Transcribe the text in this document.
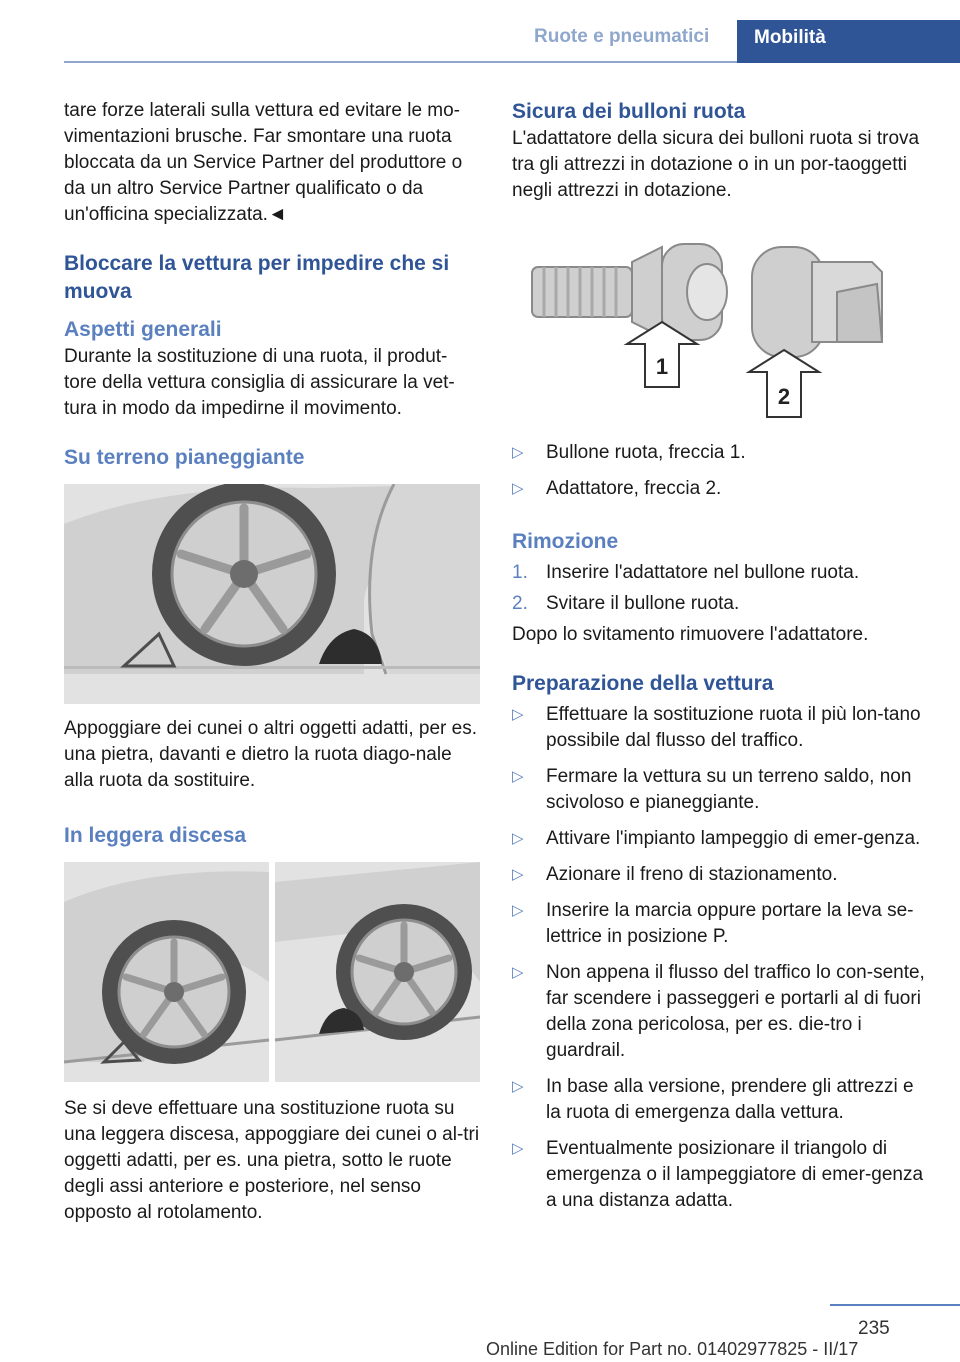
Ruote e pneumatici	Mobilità

tare forze laterali sulla vettura ed evitare le mo-vimentazioni brusche. Far smontare una ruota bloccata da un Service Partner del produttore o da un altro Service Partner qualificato o da un'officina specializzata.◄

Bloccare la vettura per impedire che si muova
Aspetti generali

Durante la sostituzione di una ruota, il produt-tore della vettura consiglia di assicurare la vet-tura in modo da impedirne il movimento.

Su terreno pianeggiante

Appoggiare dei cunei o altri oggetti adatti, per es. una pietra, davanti e dietro la ruota diago-nale alla ruota da sostituire.

In leggera discesa

Se si deve effettuare una sostituzione ruota su una leggera discesa, appoggiare dei cunei o al-tri oggetti adatti, per es. una pietra, sotto le ruote degli assi anteriore e posteriore, nel senso opposto al rotolamento.

Sicura dei bulloni ruota

L'adattatore della sicura dei bulloni ruota si trova tra gli attrezzi in dotazione o in un por-taoggetti negli attrezzi in dotazione.

1
2
▷ Bullone ruota, freccia 1.
▷ Adattatore, freccia 2.
Rimozione
1. Inserire l'adattatore nel bullone ruota.
2. Svitare il bullone ruota.

Dopo lo svitamento rimuovere l'adattatore.

Preparazione della vettura
▷ Effettuare la sostituzione ruota il più lon-tano possibile dal flusso del traffico.
▷ Fermare la vettura su un terreno saldo, non scivoloso e pianeggiante.
▷ Attivare l'impianto lampeggio di emer-genza.
▷ Azionare il freno di stazionamento.
▷ Inserire la marcia oppure portare la leva se-lettrice in posizione P.
▷ Non appena il flusso del traffico lo con-sente, far scendere i passeggeri e portarli al di fuori della zona pericolosa, per es. die-tro i guardrail.
▷ In base alla versione, prendere gli attrezzi e la ruota di emergenza dalla vettura.
▷ Eventualmente posizionare il triangolo di emergenza o il lampeggiatore di emer-genza a una distanza adatta.
235
Online Edition for Part no. 01402977825 - II/17
